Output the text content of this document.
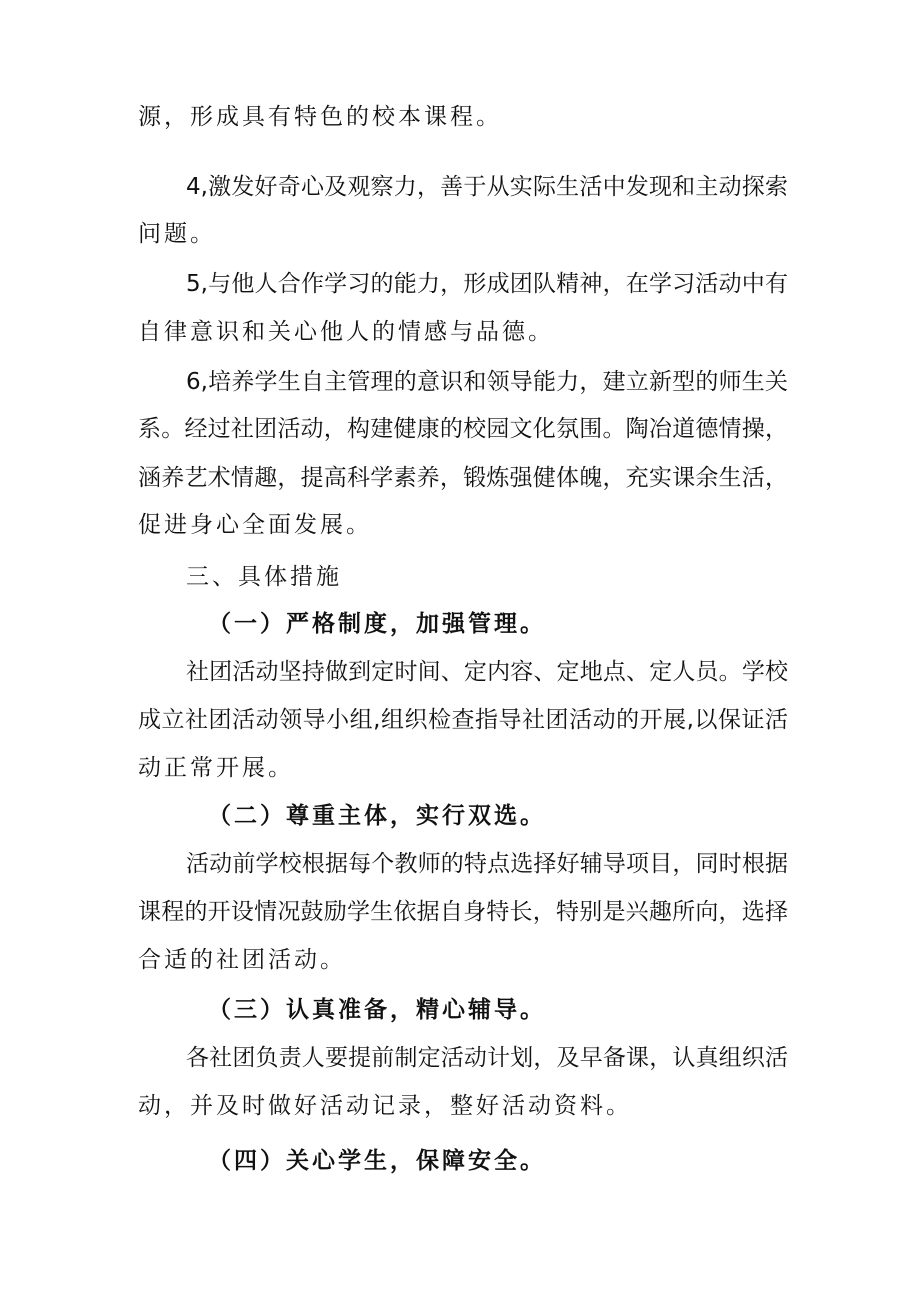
源，形成具有特色的校本课程。
4,激发好奇心及观察力，善于从实际生活中发现和主动探索
问题。
5,与他人合作学习的能力，形成团队精神，在学习活动中有
自律意识和关心他人的情感与品德。
6,培养学生自主管理的意识和领导能力，建立新型的师生关
系。经过社团活动，构建健康的校园文化氛围。陶冶道德情操，
涵养艺术情趣，提高科学素养，锻炼强健体魄，充实课余生活，
促进身心全面发展。
三、具体措施
（一）严格制度，加强管理。
社团活动坚持做到定时间、定内容、定地点、定人员。学校
成立社团活动领导小组,组织检查指导社团活动的开展,以保证活
动正常开展。
（二）尊重主体，实行双选。
活动前学校根据每个教师的特点选择好辅导项目，同时根据
课程的开设情况鼓励学生依据自身特长，特别是兴趣所向，选择
合适的社团活动。
（三）认真准备，精心辅导。
各社团负责人要提前制定活动计划，及早备课，认真组织活
动，并及时做好活动记录，整好活动资料。
（四）关心学生，保障安全。
